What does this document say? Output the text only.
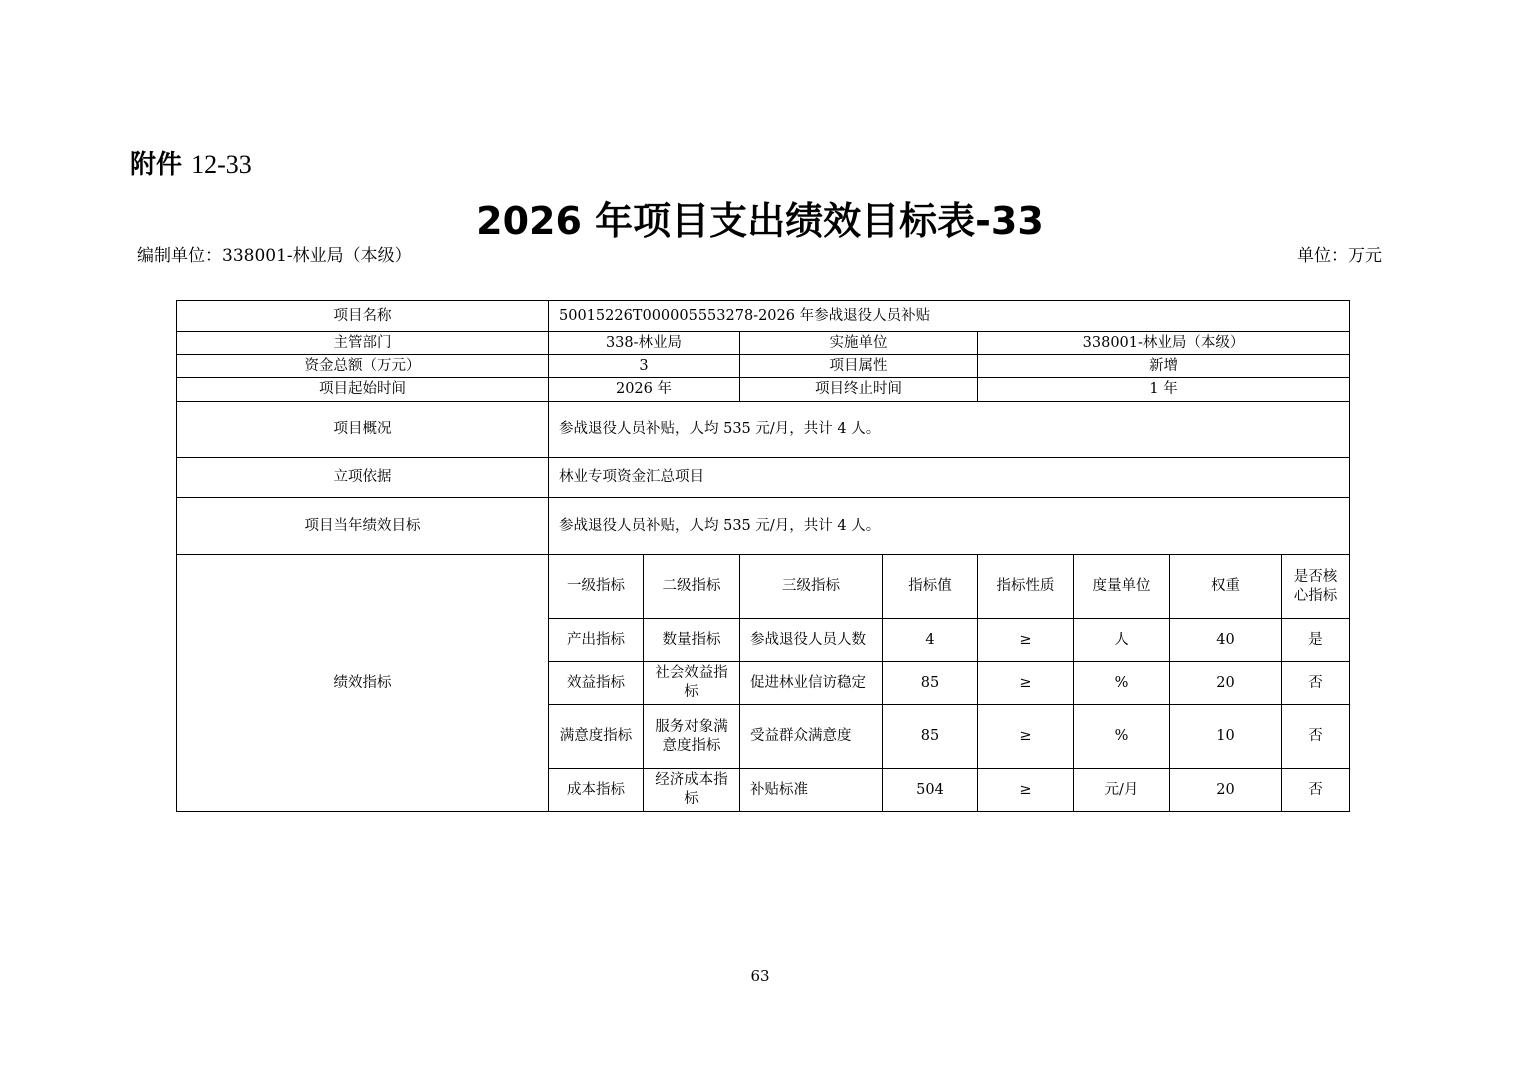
附件 12-33
2026 年项目支出绩效目标表-33
编制单位：338001-林业局（本级）	单位：万元
项目名称	50015226T000005553278-2026 年参战退役人员补贴							
主管部门	338-林业局		实施单位		338001-林业局（本级）			
资金总额（万元）	3		项目属性		新增			
项目起始时间	2026 年		项目终止时间		1 年			
项目概况	参战退役人员补贴，人均 535 元/月，共计 4 人。							
立项依据	林业专项资金汇总项目							
项目当年绩效目标	参战退役人员补贴，人均 535 元/月，共计 4 人。							
绩效指标	一级指标	二级指标	三级指标	指标值	指标性质	度量单位	权重	是否核心指标
	产出指标	数量指标	参战退役人员人数	4	≥	人	40	是
	效益指标	社会效益指标	促进林业信访稳定	85	≥	%	20	否
	满意度指标	服务对象满意度指标	受益群众满意度	85	≥	%	10	否
	成本指标	经济成本指标	补贴标准	504	≥	元/月	20	否
63
